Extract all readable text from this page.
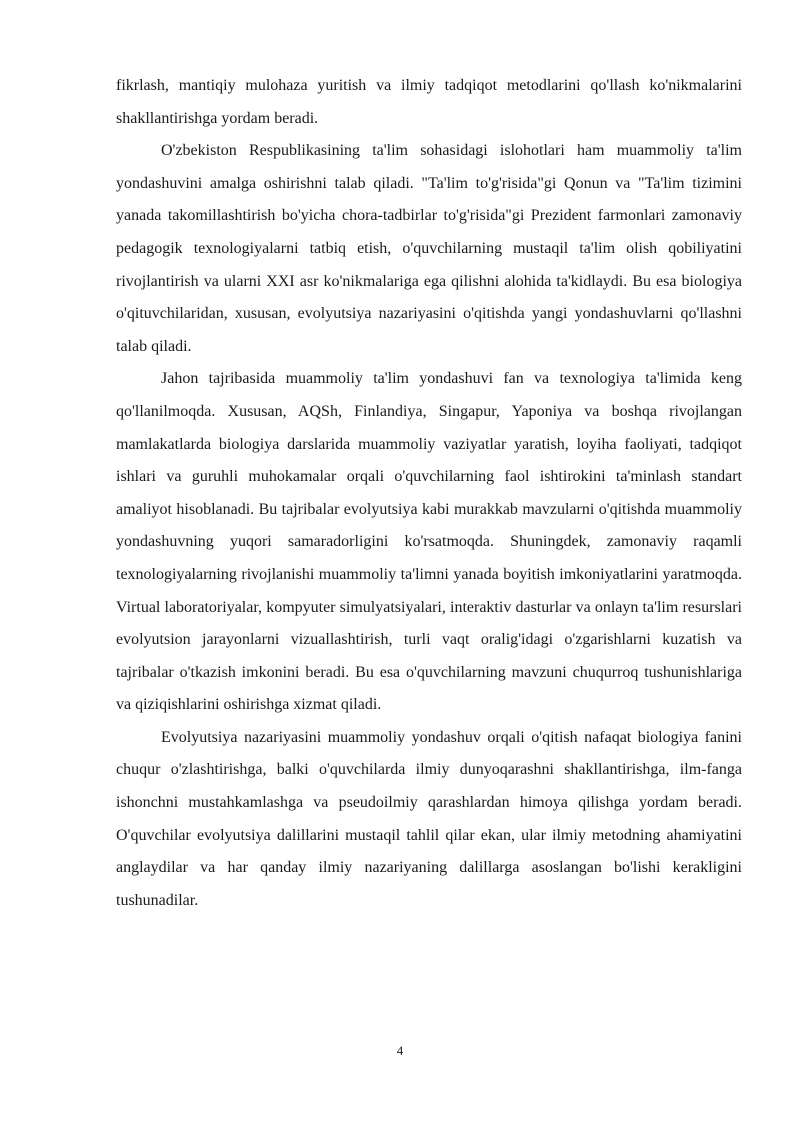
fikrlash, mantiqiy mulohaza yuritish va ilmiy tadqiqot metodlarini qo'llash ko'nikmalarini shakllantirishga yordam beradi.

O'zbekiston Respublikasining ta'lim sohasidagi islohotlari ham muammoliy ta'lim yondashuvini amalga oshirishni talab qiladi. "Ta'lim to'g'risida"gi Qonun va "Ta'lim tizimini yanada takomillashtirish bo'yicha chora-tadbirlar to'g'risida"gi Prezident farmonlari zamonaviy pedagogik texnologiyalarni tatbiq etish, o'quvchilarning mustaqil ta'lim olish qobiliyatini rivojlantirish va ularni XXI asr ko'nikmalariga ega qilishni alohida ta'kidlaydi. Bu esa biologiya o'qituvchilaridan, xususan, evolyutsiya nazariyasini o'qitishda yangi yondashuvlarni qo'llashni talab qiladi.

Jahon tajribasida muammoliy ta'lim yondashuvi fan va texnologiya ta'limida keng qo'llanilmoqda. Xususan, AQSh, Finlandiya, Singapur, Yaponiya va boshqa rivojlangan mamlakatlarda biologiya darslarida muammoliy vaziyatlar yaratish, loyiha faoliyati, tadqiqot ishlari va guruhli muhokamalar orqali o'quvchilarning faol ishtirokini ta'minlash standart amaliyot hisoblanadi. Bu tajribalar evolyutsiya kabi murakkab mavzularni o'qitishda muammoliy yondashuvning yuqori samaradorligini ko'rsatmoqda. Shuningdek, zamonaviy raqamli texnologiyalarning rivojlanishi muammoliy ta'limni yanada boyitish imkoniyatlarini yaratmoqda. Virtual laboratoriyalar, kompyuter simulyatsiyalari, interaktiv dasturlar va onlayn ta'lim resurslari evolyutsion jarayonlarni vizuallashtirish, turli vaqt oralig'idagi o'zgarishlarni kuzatish va tajribalar o'tkazish imkonini beradi. Bu esa o'quvchilarning mavzuni chuqurroq tushunishlariga va qiziqishlarini oshirishga xizmat qiladi.

Evolyutsiya nazariyasini muammoliy yondashuv orqali o'qitish nafaqat biologiya fanini chuqur o'zlashtirishga, balki o'quvchilarda ilmiy dunyoqarashni shakllantirishga, ilm-fanga ishonchni mustahkamlashga va pseudoilmiy qarashlardan himoya qilishga yordam beradi. O'quvchilar evolyutsiya dalillarini mustaqil tahlil qilar ekan, ular ilmiy metodning ahamiyatini anglaydilar va har qanday ilmiy nazariyaning dalillarga asoslangan bo'lishi kerakligini tushunadilar.

4
